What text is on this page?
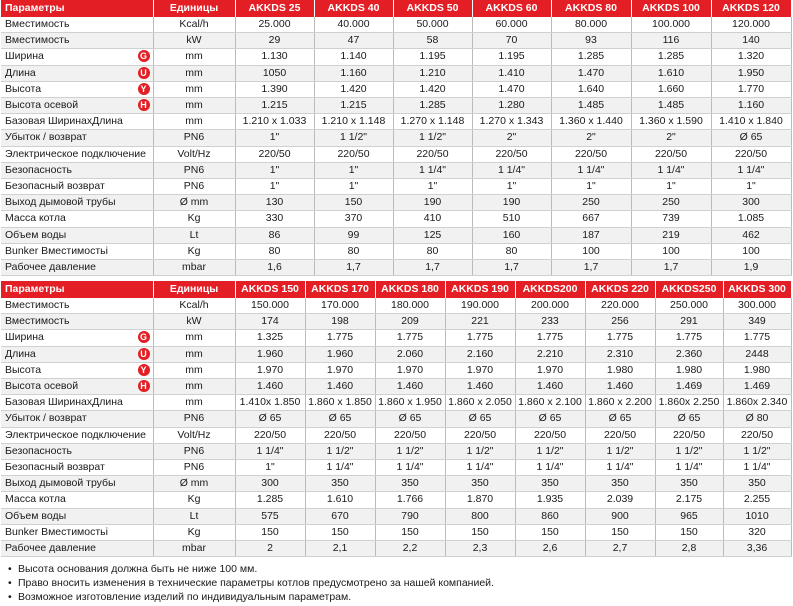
Параметры	Единицы	AKKDS 25	AKKDS 40	AKKDS 50	AKKDS 60	AKKDS 80	AKKDS 100	AKKDS 120
Вместимость	Kcal/h	25.000	40.000	50.000	60.000	80.000	100.000	120.000
Вместимость	kW	29	47	58	70	93	116	140
Ширина G	mm	1.130	1.140	1.195	1.195	1.285	1.285	1.320
Длина U	mm	1050	1.160	1.210	1.410	1.470	1.610	1.950
Высота Y	mm	1.390	1.420	1.420	1.470	1.640	1.660	1.770
Высота осевой H	mm	1.215	1.215	1.285	1.280	1.485	1.485	1.160
Базовая ШиринахДлина	mm	1.210 x 1.033	1.210 x 1.148	1.270 x 1.148	1.270 x 1.343	1.360 x 1.440	1.360 x 1.590	1.410 x 1.840
Убыток / возврат	PN6	1"	1 1/2"	1 1/2"	2"	2"	2"	Ø 65
Электрическое подключение	Volt/Hz	220/50	220/50	220/50	220/50	220/50	220/50	220/50
Безопасность	PN6	1"	1"	1 1/4"	1 1/4"	1 1/4"	1 1/4"	1 1/4"
Безопасный возврат	PN6	1"	1"	1"	1"	1"	1"	1"
Выход дымовой трубы	Ø mm	130	150	190	190	250	250	300
Масса котла	Kg	330	370	410	510	667	739	1.085
Объем воды	Lt	86	99	125	160	187	219	462
Bunker Вместимостьi	Kg	80	80	80	80	100	100	100
Рабочее давление	mbar	1,6	1,7	1,7	1,7	1,7	1,7	1,9
Параметры	Единицы	AKKDS 150	AKKDS 170	AKKDS 180	AKKDS 190	AKKDS200	AKKDS 220	AKKDS250	AKKDS 300
Вместимость	Kcal/h	150.000	170.000	180.000	190.000	200.000	220.000	250.000	300.000
Вместимость	kW	174	198	209	221	233	256	291	349
Ширина G	mm	1.325	1.775	1.775	1.775	1.775	1.775	1.775	1.775
Длина U	mm	1.960	1.960	2.060	2.160	2.210	2.310	2.360	2448
Высота Y	mm	1.970	1.970	1.970	1.970	1.970	1.980	1.980	1.980
Высота осевой H	mm	1.460	1.460	1.460	1.460	1.460	1.460	1.469	1.469
Базовая ШиринахДлина	mm	1.410x 1.850	1.860 x 1.850	1.860 x 1.950	1.860 x 2.050	1.860 x 2.100	1.860 x 2.200	1.860x 2.250	1.860x 2.340
Убыток / возврат	PN6	Ø 65	Ø 65	Ø 65	Ø 65	Ø 65	Ø 65	Ø 65	Ø 80
Электрическое подключение	Volt/Hz	220/50	220/50	220/50	220/50	220/50	220/50	220/50	220/50
Безопасность	PN6	1 1/4"	1 1/2"	1 1/2"	1 1/2"	1 1/2"	1 1/2"	1 1/2"	1 1/2"
Безопасный возврат	PN6	1"	1 1/4"	1 1/4"	1 1/4"	1 1/4"	1 1/4"	1 1/4"	1 1/4"
Выход дымовой трубы	Ø mm	300	350	350	350	350	350	350	350
Масса котла	Kg	1.285	1.610	1.766	1.870	1.935	2.039	2.175	2.255
Объем воды	Lt	575	670	790	800	860	900	965	1010
Bunker Вместимостьi	Kg	150	150	150	150	150	150	150	320
Рабочее давление	mbar	2	2,1	2,2	2,3	2,6	2,7	2,8	3,36
• Высота основания должна быть не ниже 100 мм.
• Право вносить изменения в технические параметры котлов предусмотрено за нашей компанией.
• Возможное изготовление изделий по индивидуальным параметрам.
